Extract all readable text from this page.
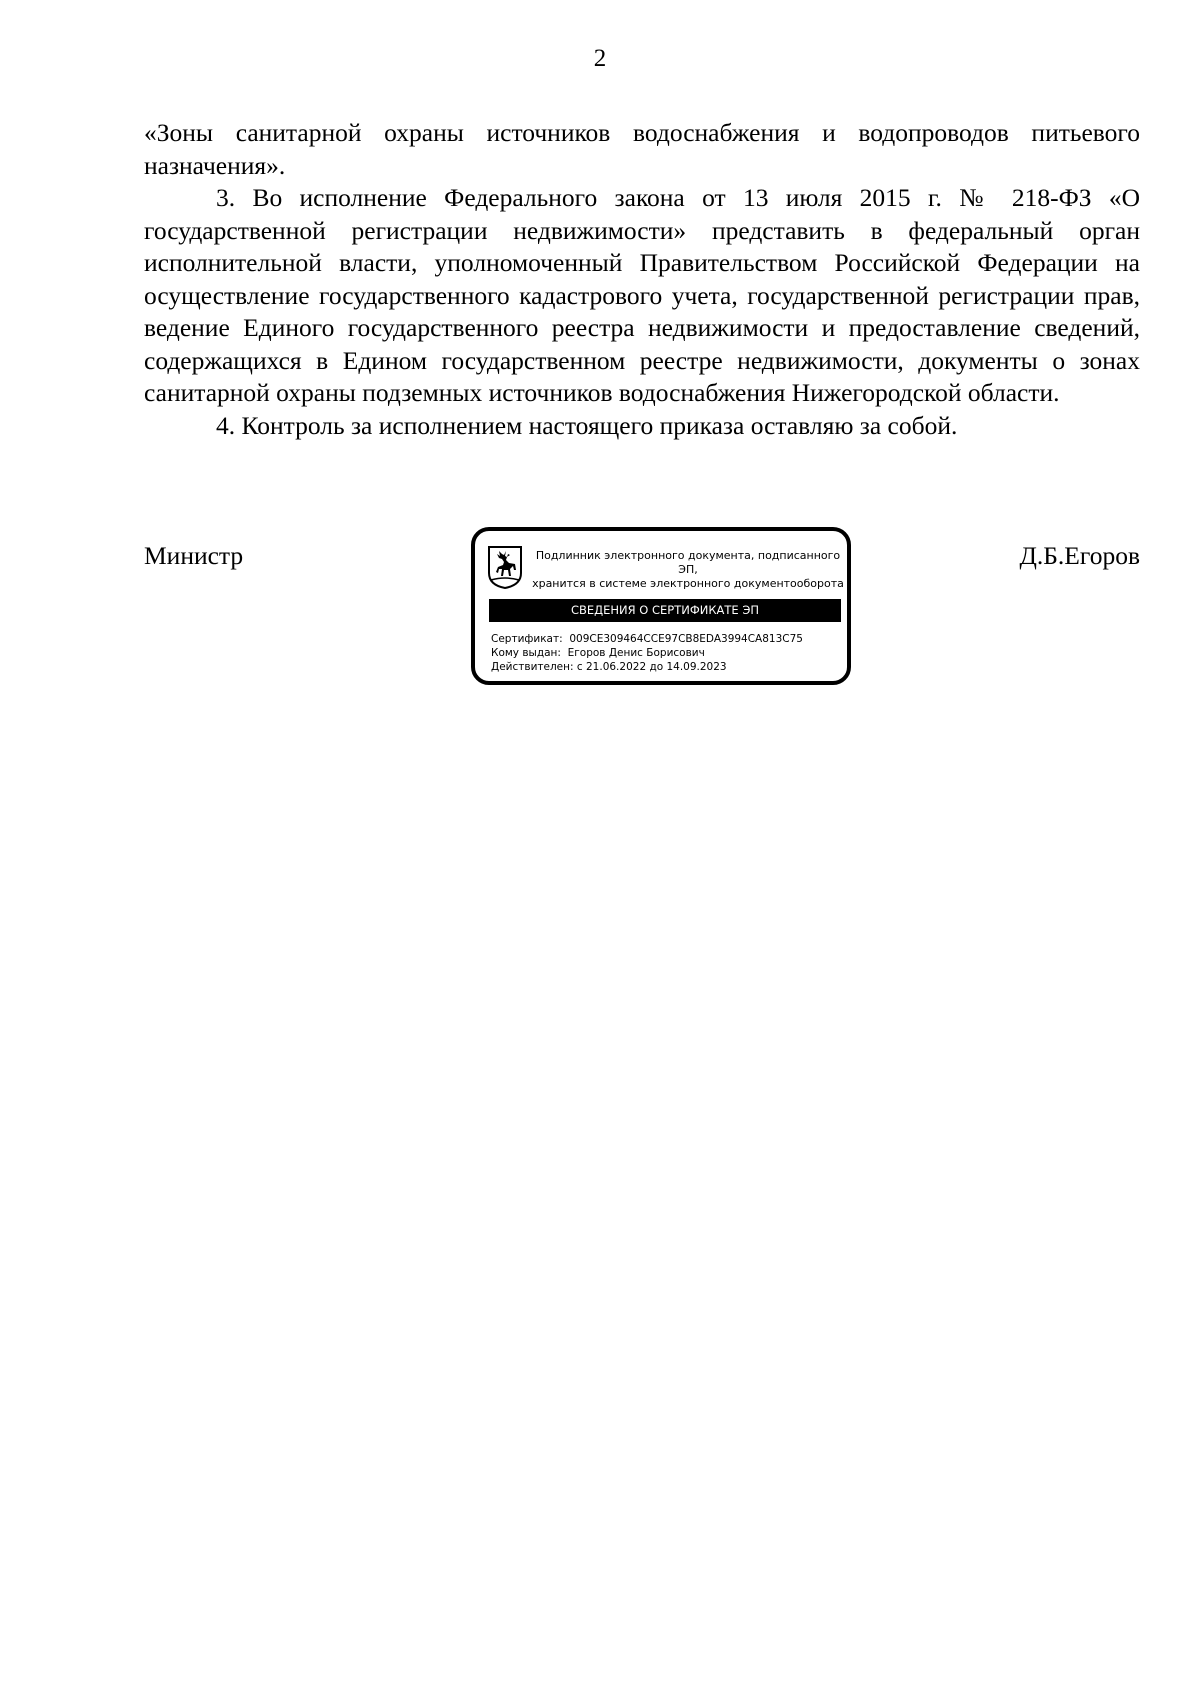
2

«Зоны санитарной охраны источников водоснабжения и водопроводов питьевого назначения».

3. Во исполнение Федерального закона от 13 июля 2015 г. № 218-ФЗ «О государственной регистрации недвижимости» представить в федеральный орган исполнительной власти, уполномоченный Правительством Российской Федерации на осуществление государственного кадастрового учета, государственной регистрации прав, ведение Единого государственного реестра недвижимости и предоставление сведений, содержащихся в Едином государственном реестре недвижимости, документы о зонах санитарной охраны подземных источников водоснабжения Нижегородской области.

4. Контроль за исполнением настоящего приказа оставляю за собой.

Министр	Подлинник электронного документа, подписанного ЭП,
хранится в системе электронного документооборота
СВЕДЕНИЯ О СЕРТИФИКАТЕ ЭП
Сертификат: 009CE309464CCE97CB8EDA3994CA813C75
Кому выдан: Егоров Денис Борисович
Действителен: с 21.06.2022 до 14.09.2023
Д.Б.Егоров
